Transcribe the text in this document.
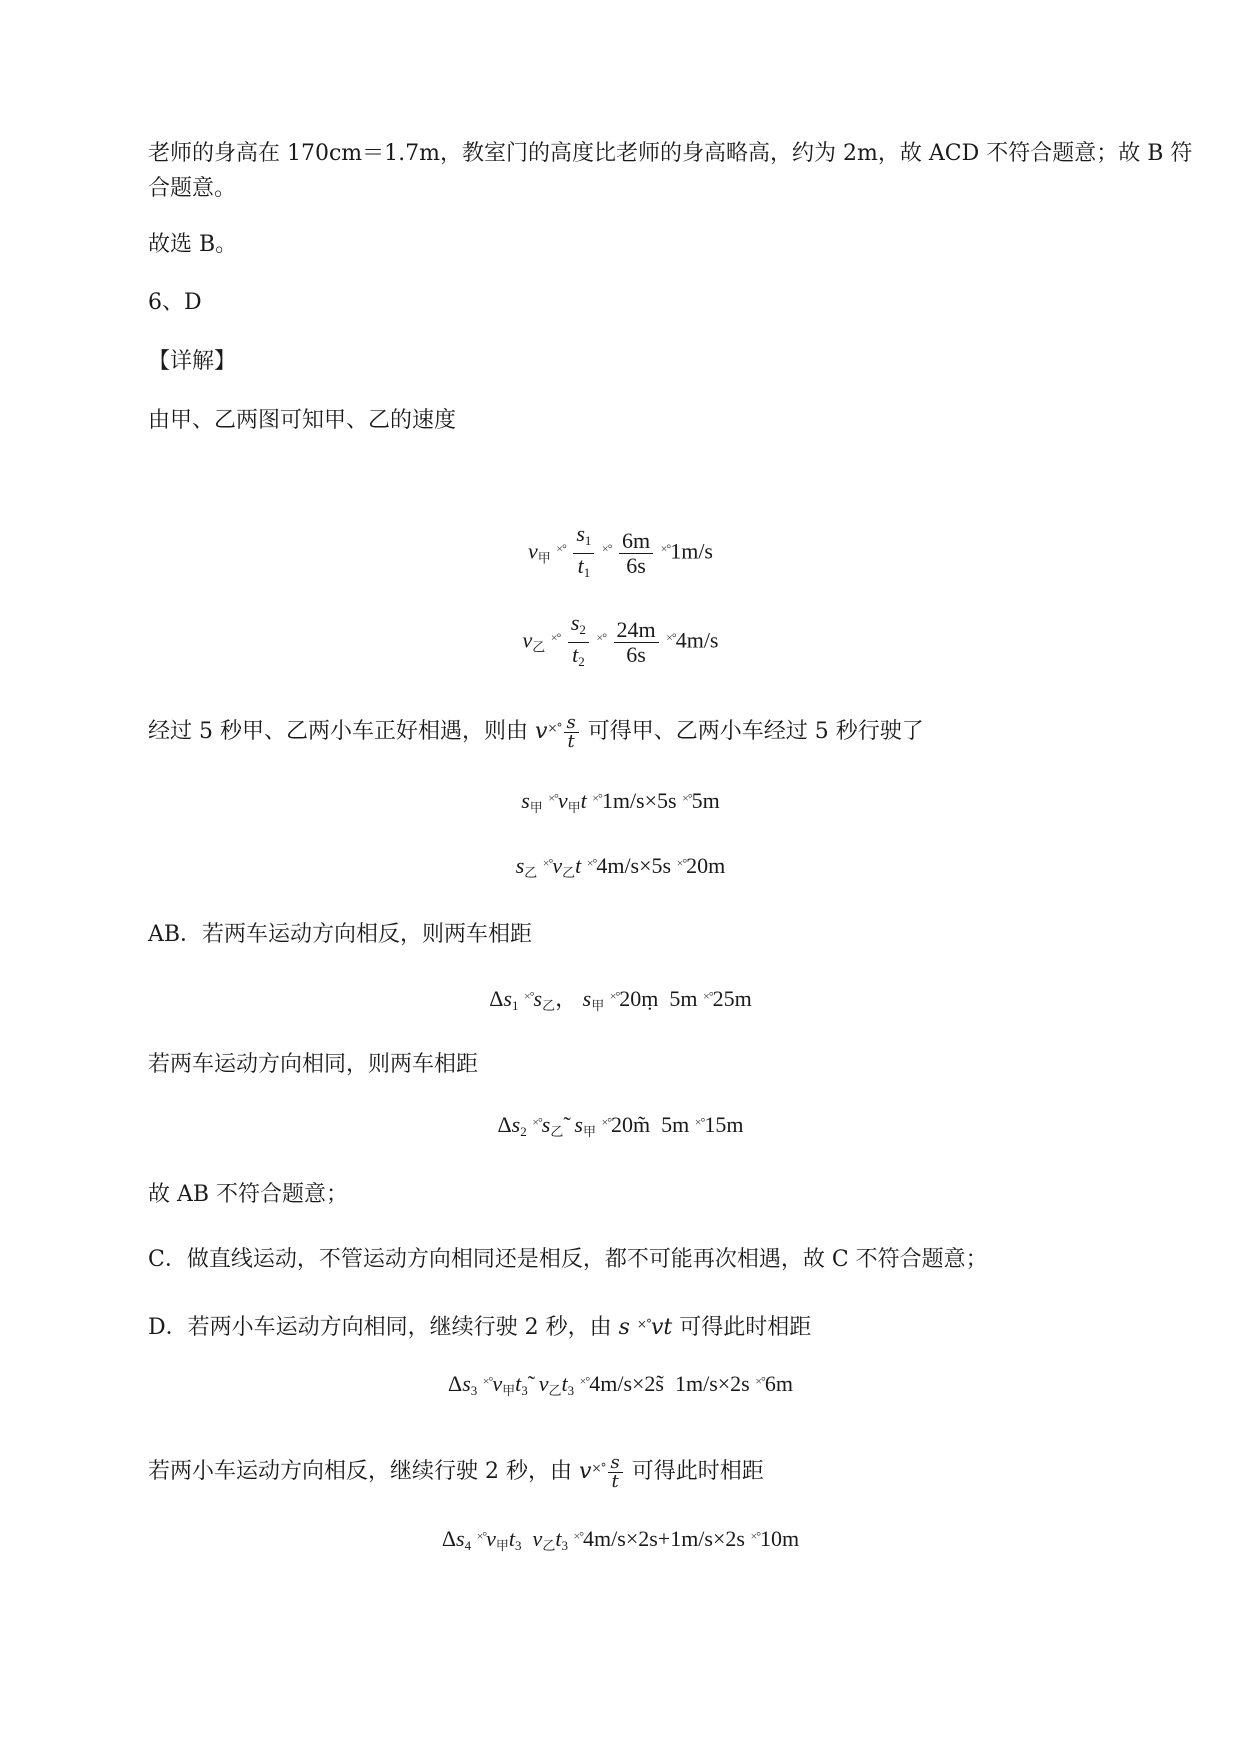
老师的身高在 170cm＝1.7m，教室门的高度比老师的身高略高，约为 2m，故 ACD 不符合题意；故 B 符
合题意。
故选 B。
6、D
【详解】
由甲、乙两图可知甲、乙的速度
$v_甲$ $^{\times^\circ} \frac{s_1}{t_1} ^{\times^\circ} \frac{6m}{6s} ^{\times^\circ}1m/s$
$v_乙$ $^{\times^\circ} \frac{s_2}{t_2} ^{\times^\circ} \frac{24m}{6s} ^{\times^\circ}4m/s$
经过 5 秒甲、乙两小车正好相遇，则由 $v^{\times^\circ} \frac{s}{t}$ 可得甲、乙两小车经过 5 秒行驶了
$s_甲$ $^{\times^\circ}v_甲t$ ×°1m/s×5s ×°5m
$s_乙$ $^{\times^\circ}v_乙t$ ×°4m/s×5s ×°20m
AB．若两车运动方向相反，则两车相距
$\Delta s_1$ $^{\times^\circ}s_乙$， $s_甲$ ×°20ṃ  5m ×°25m
若两车运动方向相同，则两车相距
$\Delta s_2$ $^{\times^\circ}s_乙̃$  $s_甲$ ×°20m̃  5m ×°15m
故 AB 不符合题意；
C．做直线运动，不管运动方向相同还是相反，都不可能再次相遇，故 C 不符合题意；
D．若两小车运动方向相同，继续行驶 2 秒，由 s ×°vt 可得此时相距
$\Delta s_3$ $^{\times^\circ}v_甲t_3̃$  $v_乙t_3$ ×°4m/s×2s̃  1m/s×2s ×°6m
若两小车运动方向相反，继续行驶 2 秒，由 $v^{\times^\circ} \frac{s}{t}$ 可得此时相距
$\Delta s_4$ $^{\times^\circ}v_甲t_3$ $v_乙t_3$ ×°4m/s×2s+1m/s×2s ×°10m
